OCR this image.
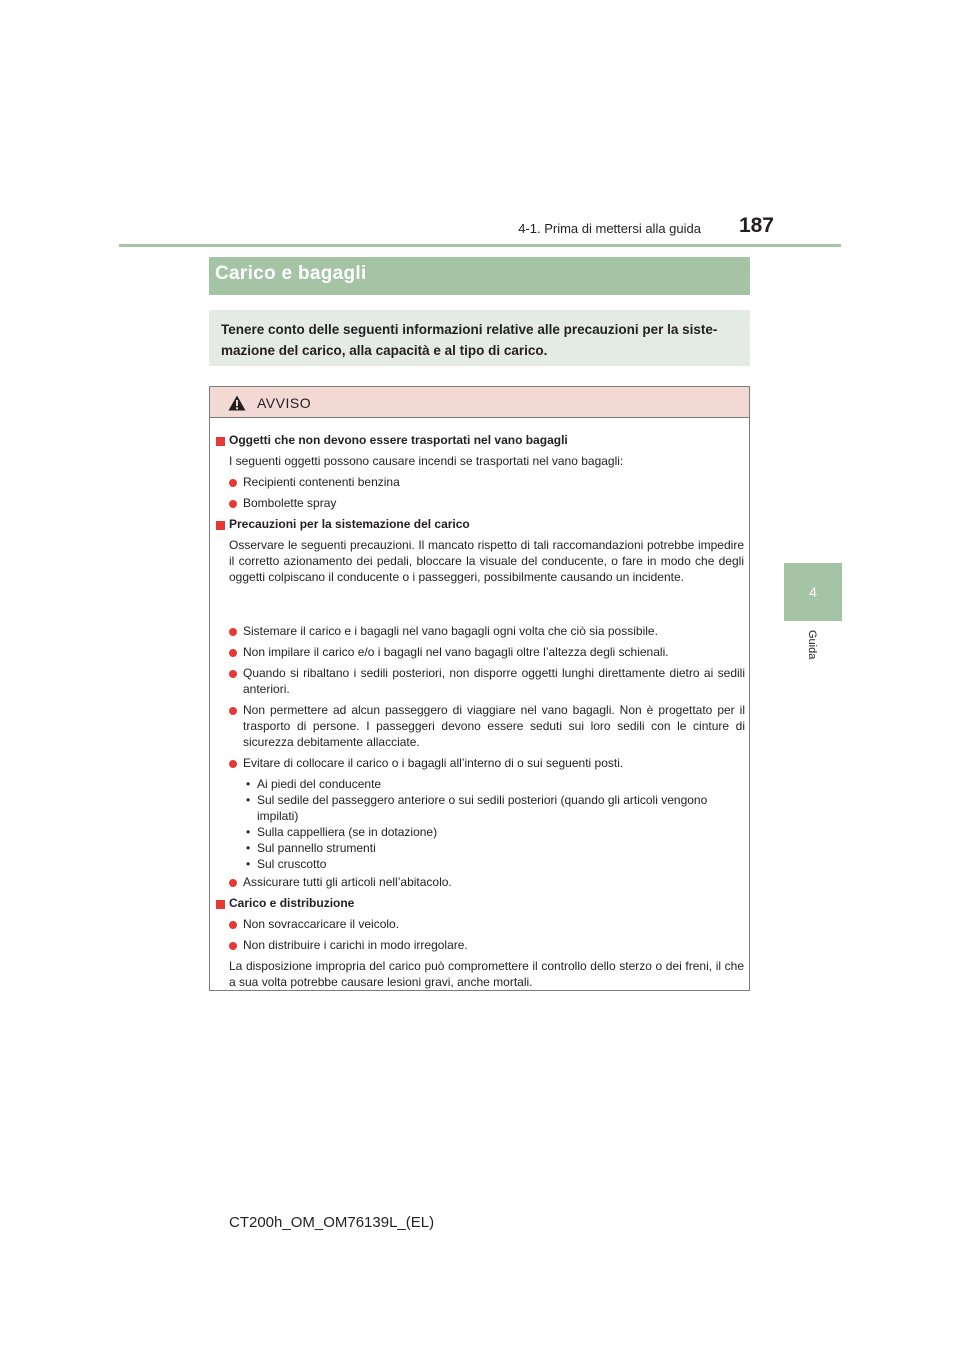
4-1. Prima di mettersi alla guida	187
4
Guida
Carico e bagagli

Tenere conto delle seguenti informazioni relative alle precauzioni per la siste-mazione del carico, alla capacità e al tipo di carico.

AVVISO
Oggetti che non devono essere trasportati nel vano bagagli
I seguenti oggetti possono causare incendi se trasportati nel vano bagagli:
Recipienti contenenti benzina
Bombolette spray
Precauzioni per la sistemazione del carico
Osservare le seguenti precauzioni. Il mancato rispetto di tali raccomandazioni potrebbe impedire il corretto azionamento dei pedali, bloccare la visuale del conducente, o fare in modo che degli oggetti colpiscano il conducente o i passeggeri, possibilmente causando un incidente.
Sistemare il carico e i bagagli nel vano bagagli ogni volta che ciò sia possibile.
Non impilare il carico e/o i bagagli nel vano bagagli oltre l’altezza degli schienali.
Quando si ribaltano i sedili posteriori, non disporre oggetti lunghi direttamente dietro ai sedili anteriori.
Non permettere ad alcun passeggero di viaggiare nel vano bagagli. Non è progettato per il trasporto di persone. I passeggeri devono essere seduti sui loro sedili con le cinture di sicurezza debitamente allacciate.
Evitare di collocare il carico o i bagagli all’interno di o sui seguenti posti.
• Ai piedi del conducente
• Sul sedile del passeggero anteriore o sui sedili posteriori (quando gli articoli vengono impilati)
• Sulla cappelliera (se in dotazione)
• Sul pannello strumenti
• Sul cruscotto
Assicurare tutti gli articoli nell’abitacolo.
Carico e distribuzione
Non sovraccaricare il veicolo.
Non distribuire i carichi in modo irregolare.
La disposizione impropria del carico può compromettere il controllo dello sterzo o dei freni, il che a sua volta potrebbe causare lesioni gravi, anche mortali.
CT200h_OM_OM76139L_(EL)
